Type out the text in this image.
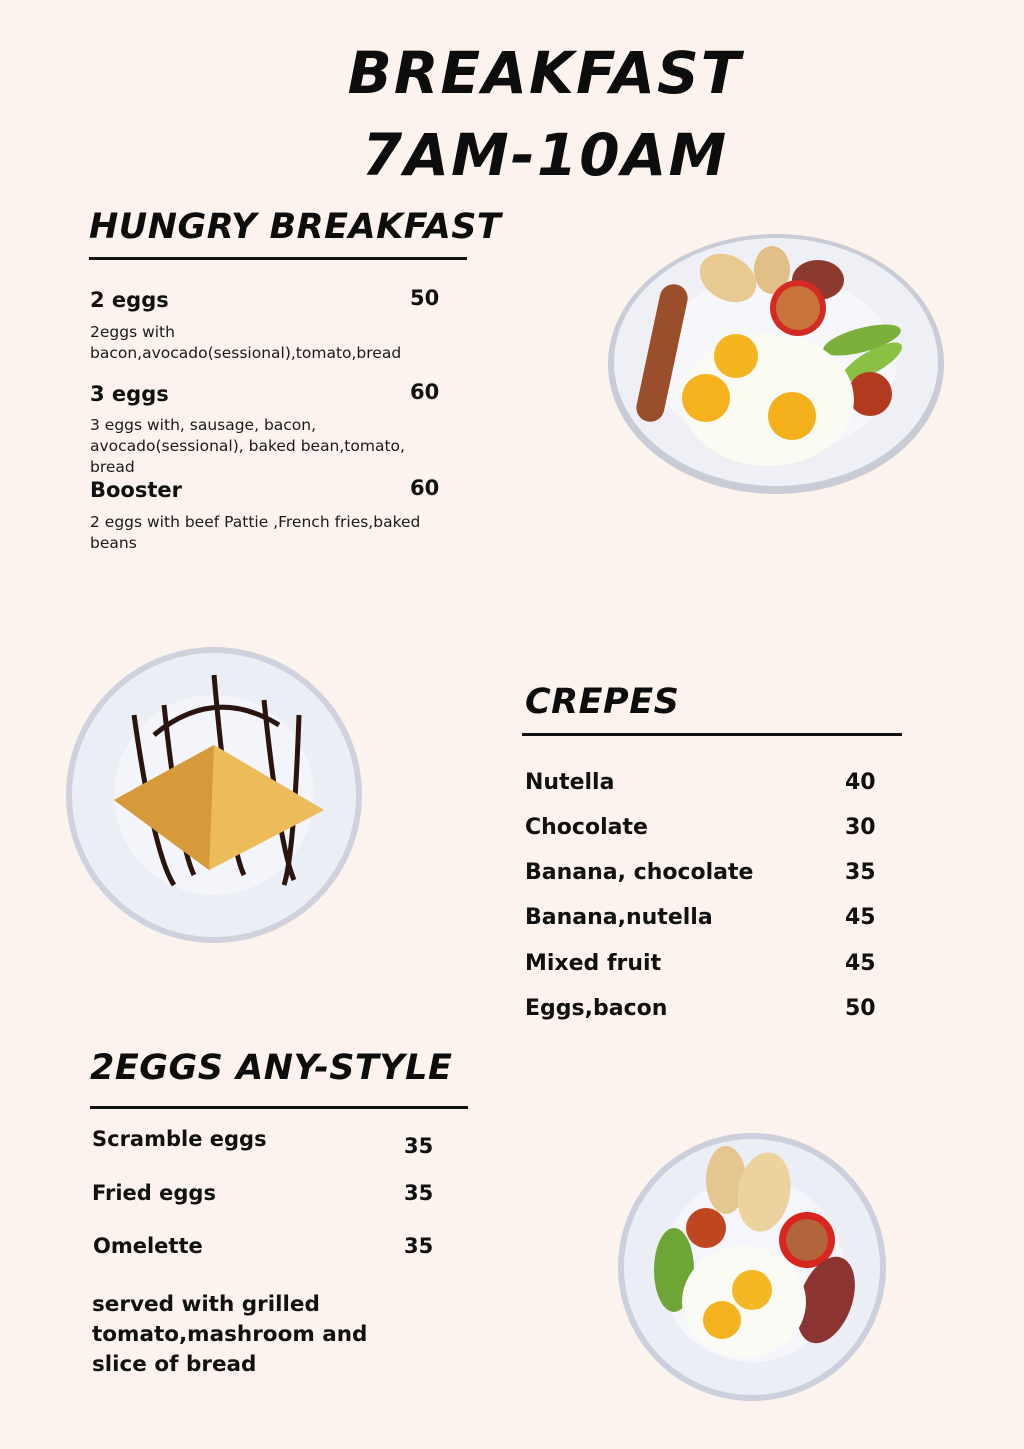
BREAKFAST
7AM-10AM
HUNGRY BREAKFAST
2 eggs	50
2eggs with bacon,avocado(sessional),tomato,bread
3 eggs	60
3 eggs with, sausage, bacon, avocado(sessional), baked bean,tomato, bread
Booster	60
2 eggs with beef Pattie ,French fries,baked beans
CREPES
Nutella	40
Chocolate	30
Banana, chocolate	35
Banana,nutella	45
Mixed fruit	45
Eggs,bacon	50
2EGGS ANY-STYLE
Scramble eggs	35
Fried eggs	35
Omelette	35
served with grilled tomato,mashroom and slice of bread
